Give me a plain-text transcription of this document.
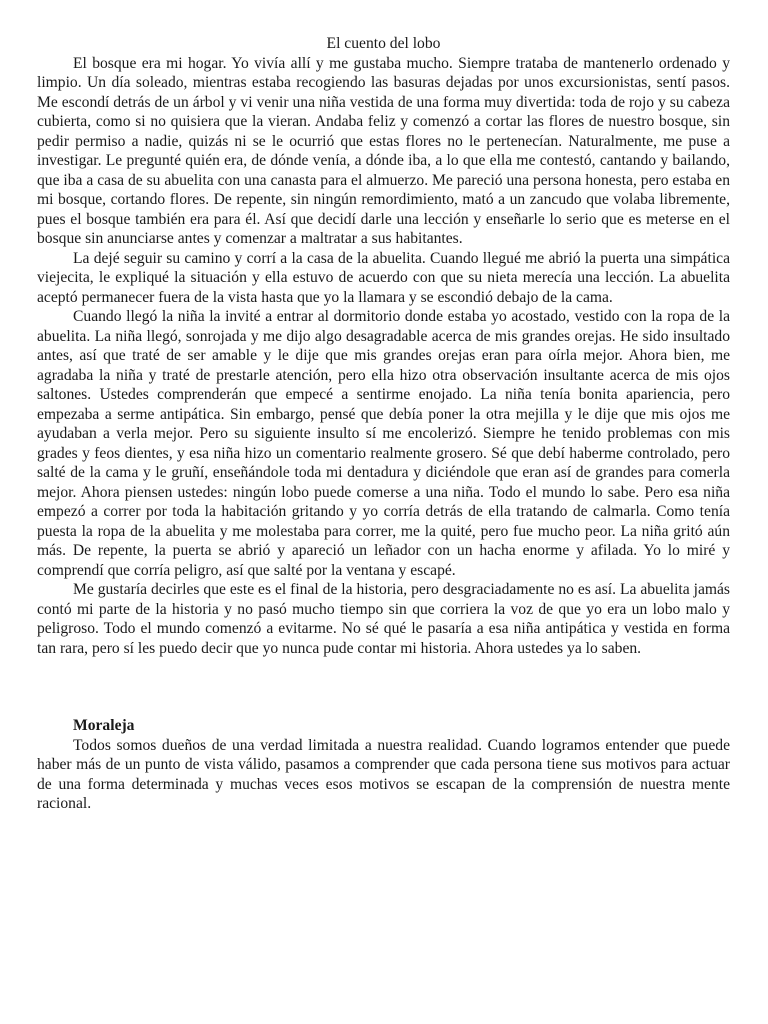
El cuento del lobo

El bosque era mi hogar. Yo vivía allí y me gustaba mucho. Siempre trataba de mantenerlo ordenado y limpio. Un día soleado, mientras estaba recogiendo las basuras dejadas por unos excursionistas, sentí pasos. Me escondí detrás de un árbol y vi venir una niña vestida de una forma muy divertida: toda de rojo y su cabeza cubierta, como si no quisiera que la vieran. Andaba feliz y comenzó a cortar las flores de nuestro bosque, sin pedir permiso a nadie, quizás ni se le ocurrió que estas flores no le pertenecían. Naturalmente, me puse a investigar. Le pregunté quién era, de dónde venía, a dónde iba, a lo que ella me contestó, cantando y bailando, que iba a casa de su abuelita con una canasta para el almuerzo. Me pareció una persona honesta, pero estaba en mi bosque, cortando flores. De repente, sin ningún remordimiento, mató a un zancudo que volaba libremente, pues el bosque también era para él. Así que decidí darle una lección y enseñarle lo serio que es meterse en el bosque sin anunciarse antes y comenzar a maltratar a sus habitantes.

La dejé seguir su camino y corrí a la casa de la abuelita. Cuando llegué me abrió la puerta una simpática viejecita, le expliqué la situación y ella estuvo de acuerdo con que su nieta merecía una lección. La abuelita aceptó permanecer fuera de la vista hasta que yo la llamara y se escondió debajo de la cama.

Cuando llegó la niña la invité a entrar al dormitorio donde estaba yo acostado, vestido con la ropa de la abuelita. La niña llegó, sonrojada y me dijo algo desagradable acerca de mis grandes orejas. He sido insultado antes, así que traté de ser amable y le dije que mis grandes orejas eran para oírla mejor. Ahora bien, me agradaba la niña y traté de prestarle atención, pero ella hizo otra observación insultante acerca de mis ojos saltones. Ustedes comprenderán que empecé a sentirme enojado. La niña tenía bonita apariencia, pero empezaba a serme antipática. Sin embargo, pensé que debía poner la otra mejilla y le dije que mis ojos me ayudaban a verla mejor. Pero su siguiente insulto sí me encolerizó. Siempre he tenido problemas con mis grades y feos dientes, y esa niña hizo un comentario realmente grosero. Sé que debí haberme controlado, pero salté de la cama y le gruñí, enseñándole toda mi dentadura y diciéndole que eran así de grandes para comerla mejor. Ahora piensen ustedes: ningún lobo puede comerse a una niña. Todo el mundo lo sabe. Pero esa niña empezó a correr por toda la habitación gritando y yo corría detrás de ella tratando de calmarla. Como tenía puesta la ropa de la abuelita y me molestaba para correr, me la quité, pero fue mucho peor. La niña gritó aún más. De repente, la puerta se abrió y apareció un leñador con un hacha enorme y afilada. Yo lo miré y comprendí que corría peligro, así que salté por la ventana y escapé.

Me gustaría decirles que este es el final de la historia, pero desgraciadamente no es así. La abuelita jamás contó mi parte de la historia y no pasó mucho tiempo sin que corriera la voz de que yo era un lobo malo y peligroso. Todo el mundo comenzó a evitarme. No sé qué le pasaría a esa niña antipática y vestida en forma tan rara, pero sí les puedo decir que yo nunca pude contar mi historia. Ahora ustedes ya lo saben.

Moraleja

Todos somos dueños de una verdad limitada a nuestra realidad. Cuando logramos entender que puede haber más de un punto de vista válido, pasamos a comprender que cada persona tiene sus motivos para actuar de una forma determinada y muchas veces esos motivos se escapan de la comprensión de nuestra mente racional.
